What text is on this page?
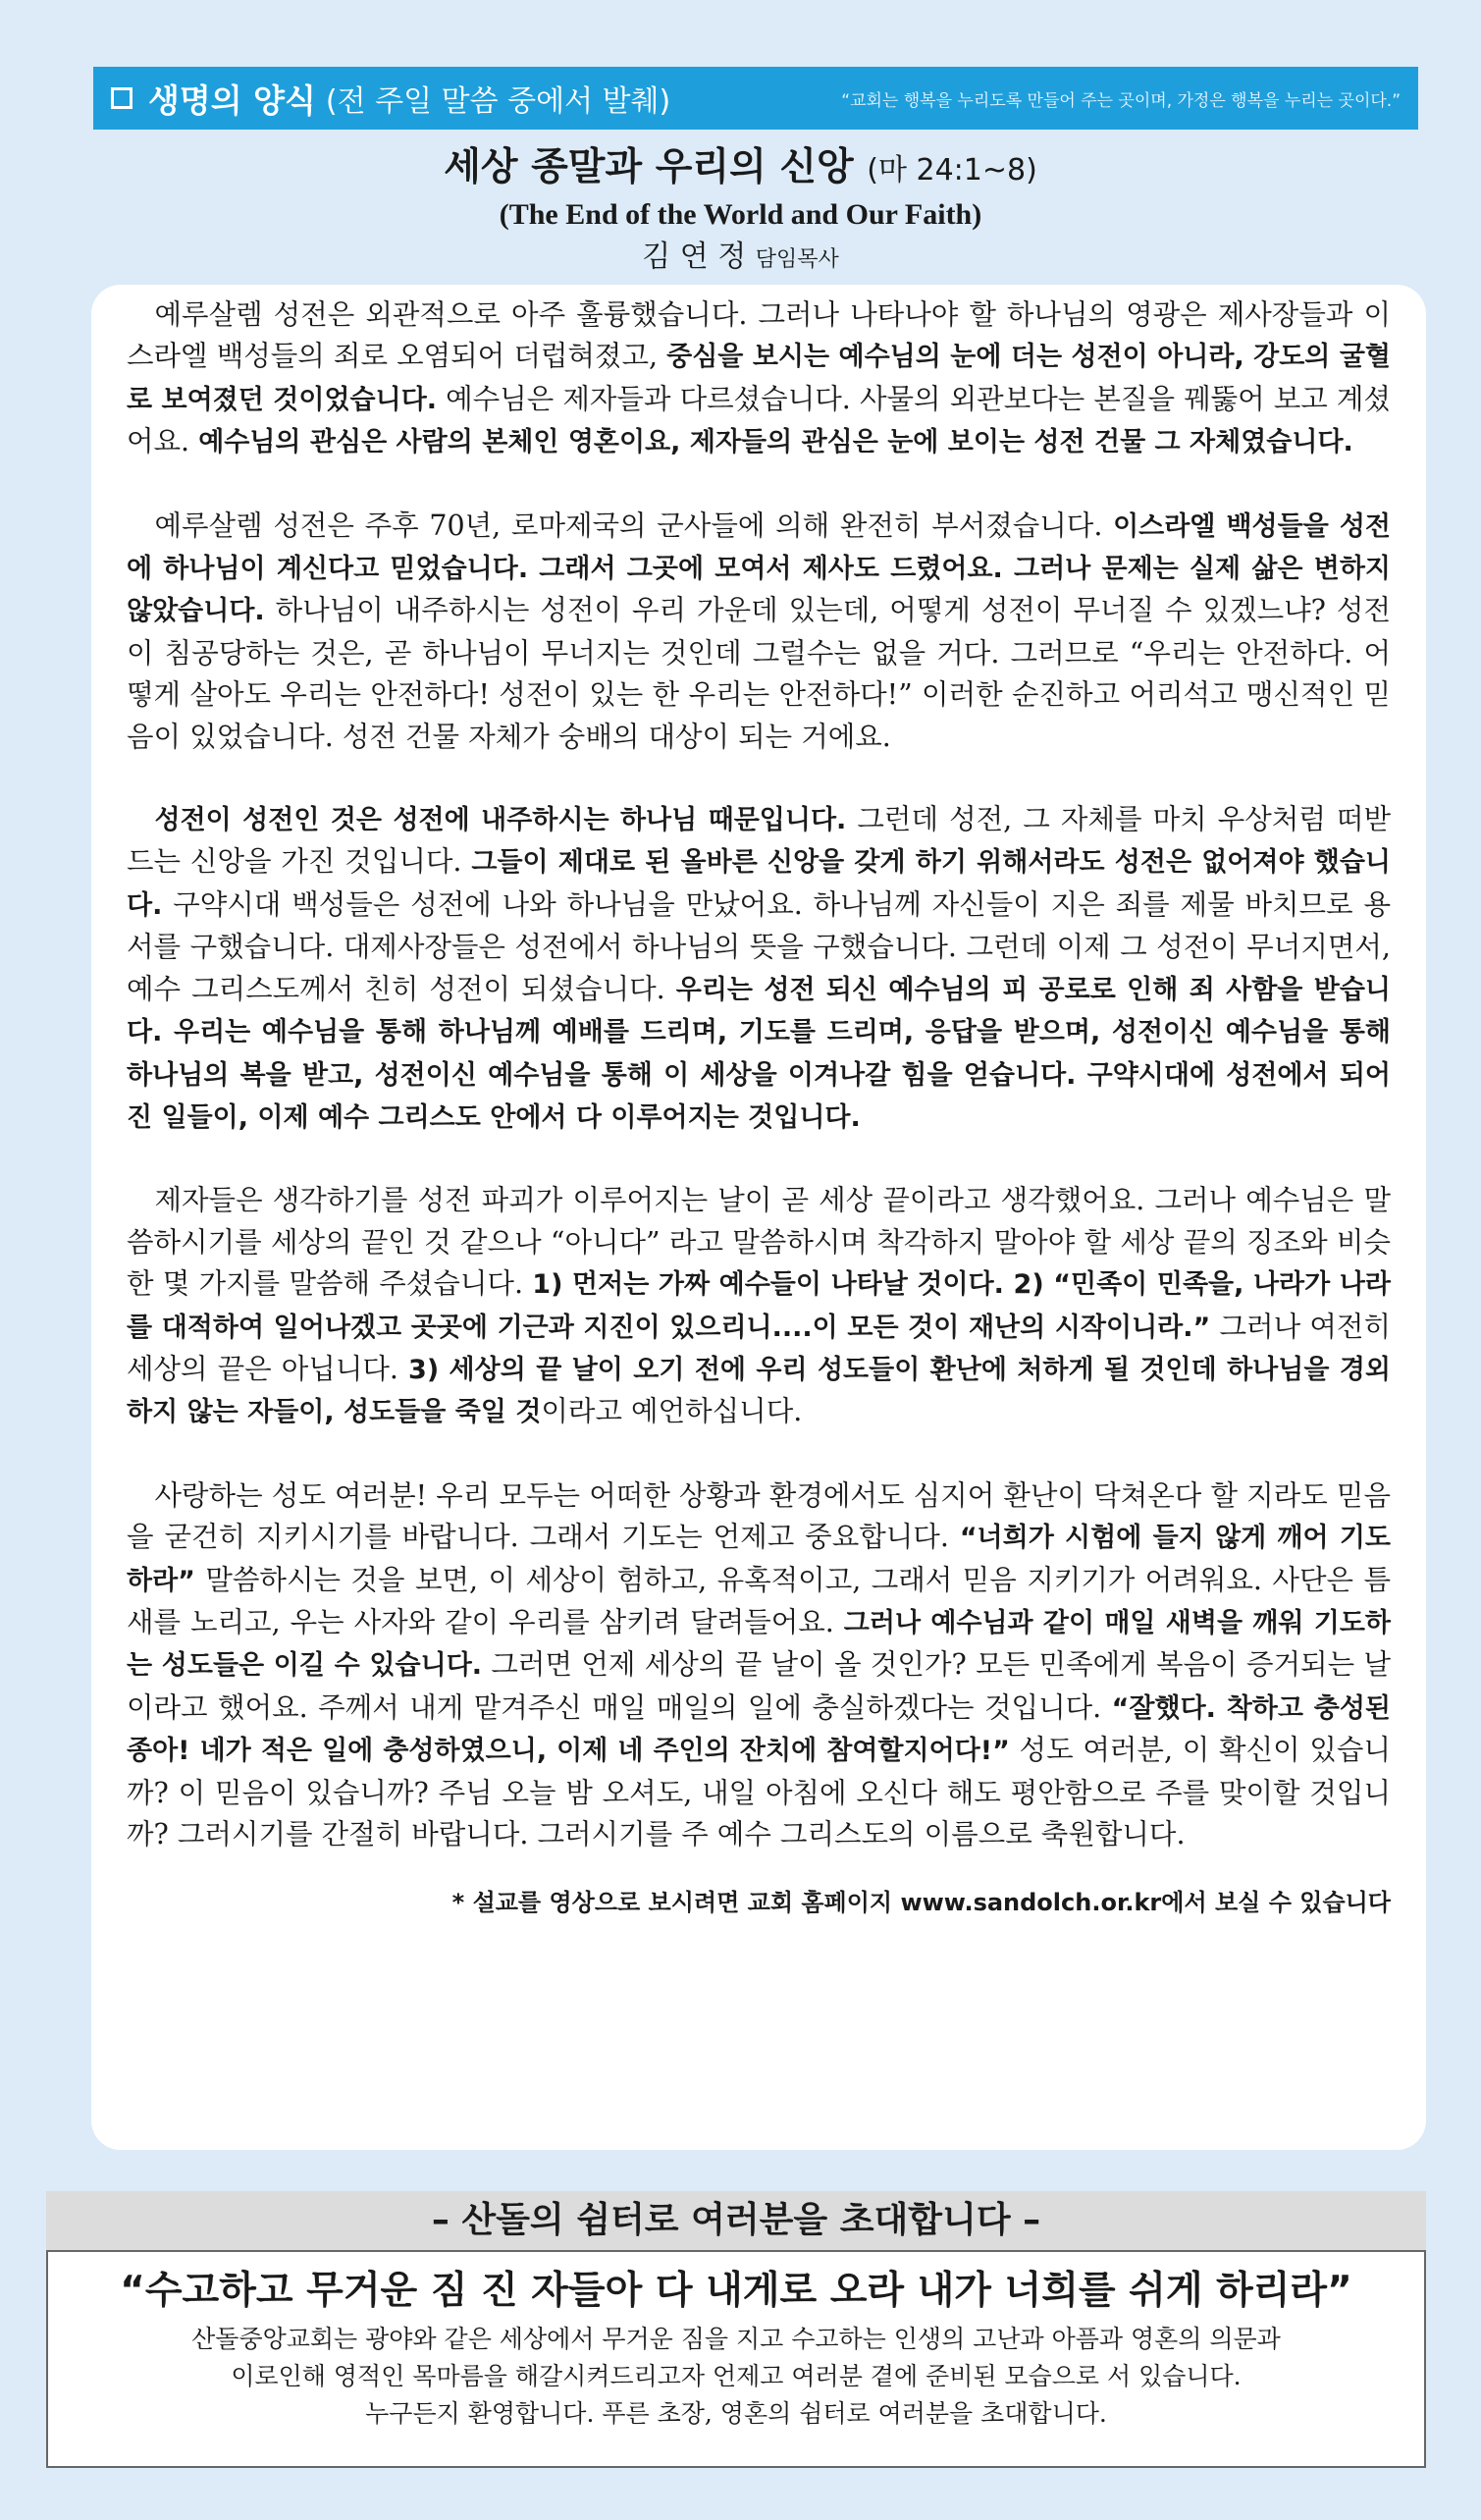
생명의 양식 (전 주일 말씀 중에서 발췌)	“교회는 행복을 누리도록 만들어 주는 곳이며, 가정은 행복을 누리는 곳이다.”
세상 종말과 우리의 신앙 (마 24:1~8)
(The End of the World and Our Faith)
김 연 정 담임목사

예루살렘 성전은 외관적으로 아주 훌륭했습니다. 그러나 나타나야 할 하나님의 영광은 제사장들과 이스라엘 백성들의 죄로 오염되어 더럽혀졌고, 중심을 보시는 예수님의 눈에 더는 성전이 아니라, 강도의 굴혈로 보여졌던 것이었습니다. 예수님은 제자들과 다르셨습니다. 사물의 외관보다는 본질을 꿰뚫어 보고 계셨어요. 예수님의 관심은 사람의 본체인 영혼이요, 제자들의 관심은 눈에 보이는 성전 건물 그 자체였습니다.

예루살렘 성전은 주후 70년, 로마제국의 군사들에 의해 완전히 부서졌습니다. 이스라엘 백성들을 성전에 하나님이 계신다고 믿었습니다. 그래서 그곳에 모여서 제사도 드렸어요. 그러나 문제는 실제 삶은 변하지 않았습니다. 하나님이 내주하시는 성전이 우리 가운데 있는데, 어떻게 성전이 무너질 수 있겠느냐? 성전이 침공당하는 것은, 곧 하나님이 무너지는 것인데 그럴수는 없을 거다. 그러므로 “우리는 안전하다. 어떻게 살아도 우리는 안전하다! 성전이 있는 한 우리는 안전하다!” 이러한 순진하고 어리석고 맹신적인 믿음이 있었습니다. 성전 건물 자체가 숭배의 대상이 되는 거에요.

성전이 성전인 것은 성전에 내주하시는 하나님 때문입니다. 그런데 성전, 그 자체를 마치 우상처럼 떠받드는 신앙을 가진 것입니다. 그들이 제대로 된 올바른 신앙을 갖게 하기 위해서라도 성전은 없어져야 했습니다. 구약시대 백성들은 성전에 나와 하나님을 만났어요. 하나님께 자신들이 지은 죄를 제물 바치므로 용서를 구했습니다. 대제사장들은 성전에서 하나님의 뜻을 구했습니다. 그런데 이제 그 성전이 무너지면서, 예수 그리스도께서 친히 성전이 되셨습니다. 우리는 성전 되신 예수님의 피 공로로 인해 죄 사함을 받습니다. 우리는 예수님을 통해 하나님께 예배를 드리며, 기도를 드리며, 응답을 받으며, 성전이신 예수님을 통해 하나님의 복을 받고, 성전이신 예수님을 통해 이 세상을 이겨나갈 힘을 얻습니다. 구약시대에 성전에서 되어 진 일들이, 이제 예수 그리스도 안에서 다 이루어지는 것입니다.

제자들은 생각하기를 성전 파괴가 이루어지는 날이 곧 세상 끝이라고 생각했어요. 그러나 예수님은 말씀하시기를 세상의 끝인 것 같으나 “아니다” 라고 말씀하시며 착각하지 말아야 할 세상 끝의 징조와 비슷한 몇 가지를 말씀해 주셨습니다. 1) 먼저는 가짜 예수들이 나타날 것이다. 2) “민족이 민족을, 나라가 나라를 대적하여 일어나겠고 곳곳에 기근과 지진이 있으리니....이 모든 것이 재난의 시작이니라.” 그러나 여전히 세상의 끝은 아닙니다. 3) 세상의 끝 날이 오기 전에 우리 성도들이 환난에 처하게 될 것인데 하나님을 경외하지 않는 자들이, 성도들을 죽일 것이라고 예언하십니다.

사랑하는 성도 여러분! 우리 모두는 어떠한 상황과 환경에서도 심지어 환난이 닥쳐온다 할 지라도 믿음을 굳건히 지키시기를 바랍니다. 그래서 기도는 언제고 중요합니다. “너희가 시험에 들지 않게 깨어 기도하라” 말씀하시는 것을 보면, 이 세상이 험하고, 유혹적이고, 그래서 믿음 지키기가 어려워요. 사단은 틈새를 노리고, 우는 사자와 같이 우리를 삼키려 달려들어요. 그러나 예수님과 같이 매일 새벽을 깨워 기도하는 성도들은 이길 수 있습니다. 그러면 언제 세상의 끝 날이 올 것인가? 모든 민족에게 복음이 증거되는 날이라고 했어요. 주께서 내게 맡겨주신 매일 매일의 일에 충실하겠다는 것입니다. “잘했다. 착하고 충성된 종아! 네가 적은 일에 충성하였으니, 이제 네 주인의 잔치에 참여할지어다!” 성도 여러분, 이 확신이 있습니까? 이 믿음이 있습니까? 주님 오늘 밤 오셔도, 내일 아침에 오신다 해도 평안함으로 주를 맞이할 것입니까? 그러시기를 간절히 바랍니다. 그러시기를 주 예수 그리스도의 이름으로 축원합니다.

* 설교를 영상으로 보시려면 교회 홈페이지 www.sandolch.or.kr에서 보실 수 있습니다
– 산돌의 쉼터로 여러분을 초대합니다 –
“수고하고 무거운 짐 진 자들아 다 내게로 오라 내가 너희를 쉬게 하리라”
산돌중앙교회는 광야와 같은 세상에서 무거운 짐을 지고 수고하는 인생의 고난과 아픔과 영혼의 의문과
이로인해 영적인 목마름을 해갈시켜드리고자 언제고 여러분 곁에 준비된 모습으로 서 있습니다.
누구든지 환영합니다. 푸른 초장, 영혼의 쉼터로 여러분을 초대합니다.
